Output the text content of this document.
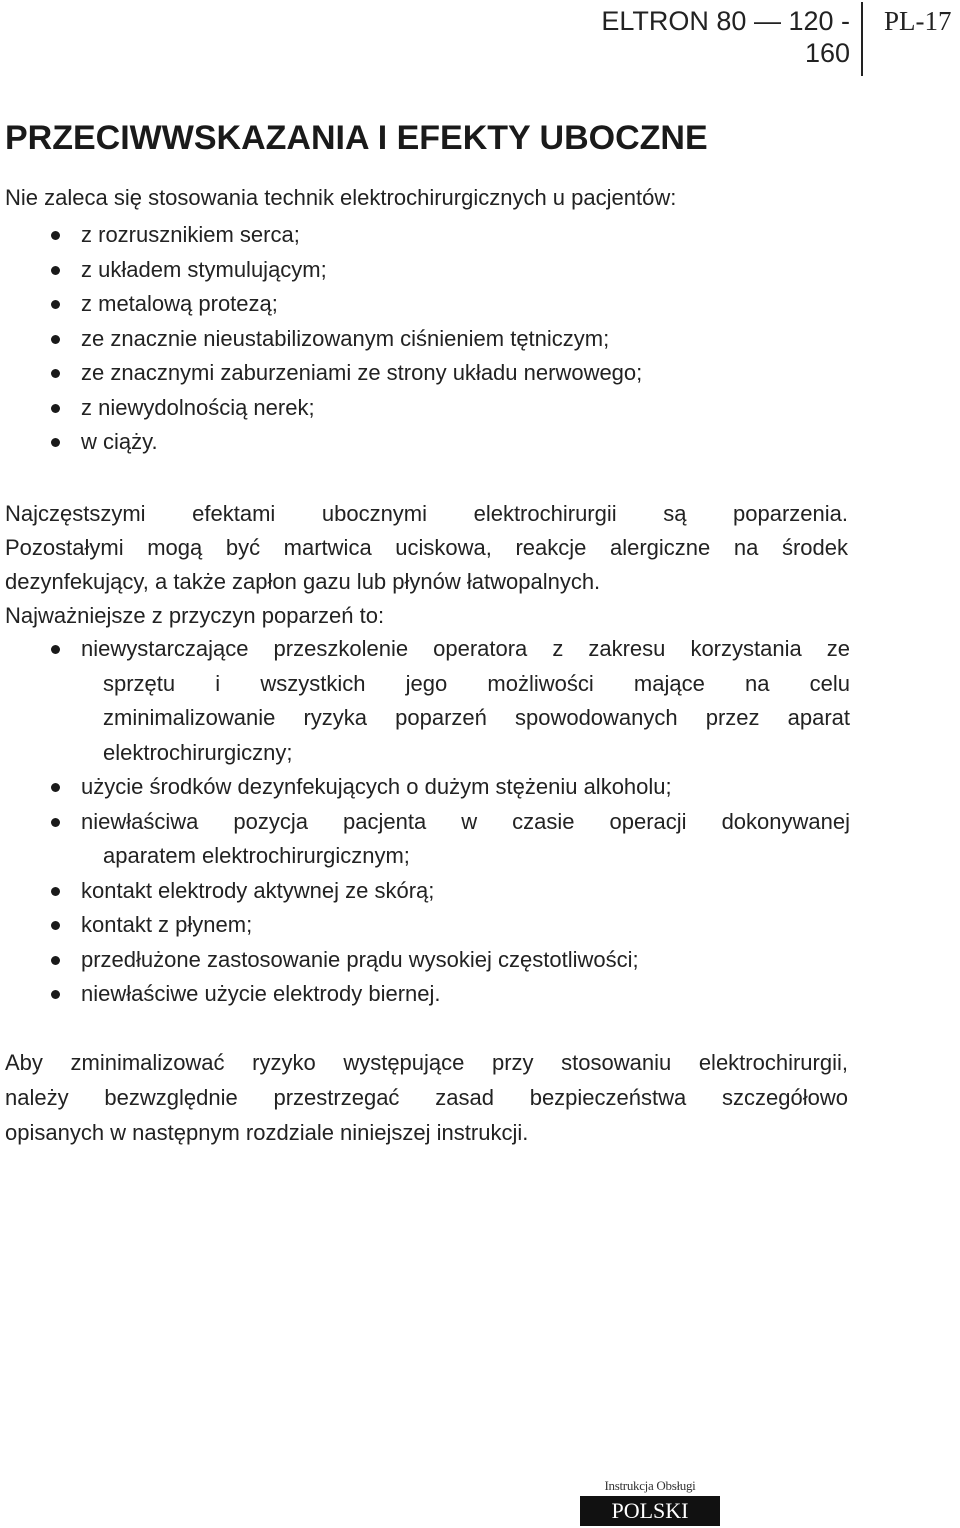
ELTRON 80 — 120 - 160
PL-17
PRZECIWWSKAZANIA I EFEKTY UBOCZNE

Nie zaleca się stosowania technik elektrochirurgicznych u pacjentów:

z rozrusznikiem serca;
z układem stymulującym;
z metalową protezą;
ze znacznie nieustabilizowanym ciśnieniem tętniczym;
ze znacznymi zaburzeniami ze strony układu nerwowego;
z niewydolnością nerek;
w ciąży.
Najczęstszymi efektami ubocznymi elektrochirurgii są poparzenia.
Pozostałymi mogą być martwica uciskowa, reakcje alergiczne na środek
dezynfekujący, a także zapłon gazu lub płynów łatwopalnych.
Najważniejsze z przyczyn poparzeń to:
niewystarczające przeszkolenie operatora z zakresu korzystania ze
sprzętu i wszystkich jego możliwości mające na celu
zminimalizowanie ryzyka poparzeń spowodowanych przez aparat
elektrochirurgiczny;
użycie środków dezynfekujących o dużym stężeniu alkoholu;
niewłaściwa pozycja pacjenta w czasie operacji dokonywanej
aparatem elektrochirurgicznym;
kontakt elektrody aktywnej ze skórą;
kontakt z płynem;
przedłużone zastosowanie prądu wysokiej częstotliwości;
niewłaściwe użycie elektrody biernej.
Aby zminimalizować ryzyko występujące przy stosowaniu elektrochirurgii,
należy bezwzględnie przestrzegać zasad bezpieczeństwa szczegółowo
opisanych w następnym rozdziale niniejszej instrukcji.
Instrukcja Obsługi
POLSKI
